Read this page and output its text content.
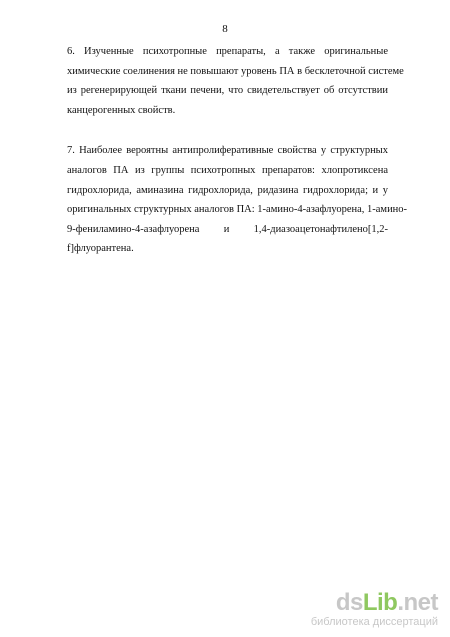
8
6. Изученные психотропные препараты, а также оригинальные
химические соелинения не повышают уровень ПА в бесклеточной системе
из регенерирующей ткани печени, что свидетельствует об отсутствии
канцерогенных свойств.
7. Наиболее вероятны антипролиферативные свойства у структурных
аналогов ПА из группы психотропных препаратов: хлопротиксена
гидрохлорида, аминазина гидрохлорида, ридазина гидрохлорида; и у
оригинальных структурных аналогов ПА: 1-амино-4-азафлуорена, 1-амино-
9-фениламино-4-азафлуорена и 1,4-диазоацетонафтилено[1,2-
f]флуорантена.
dsLib.net
библиотека диссертаций
